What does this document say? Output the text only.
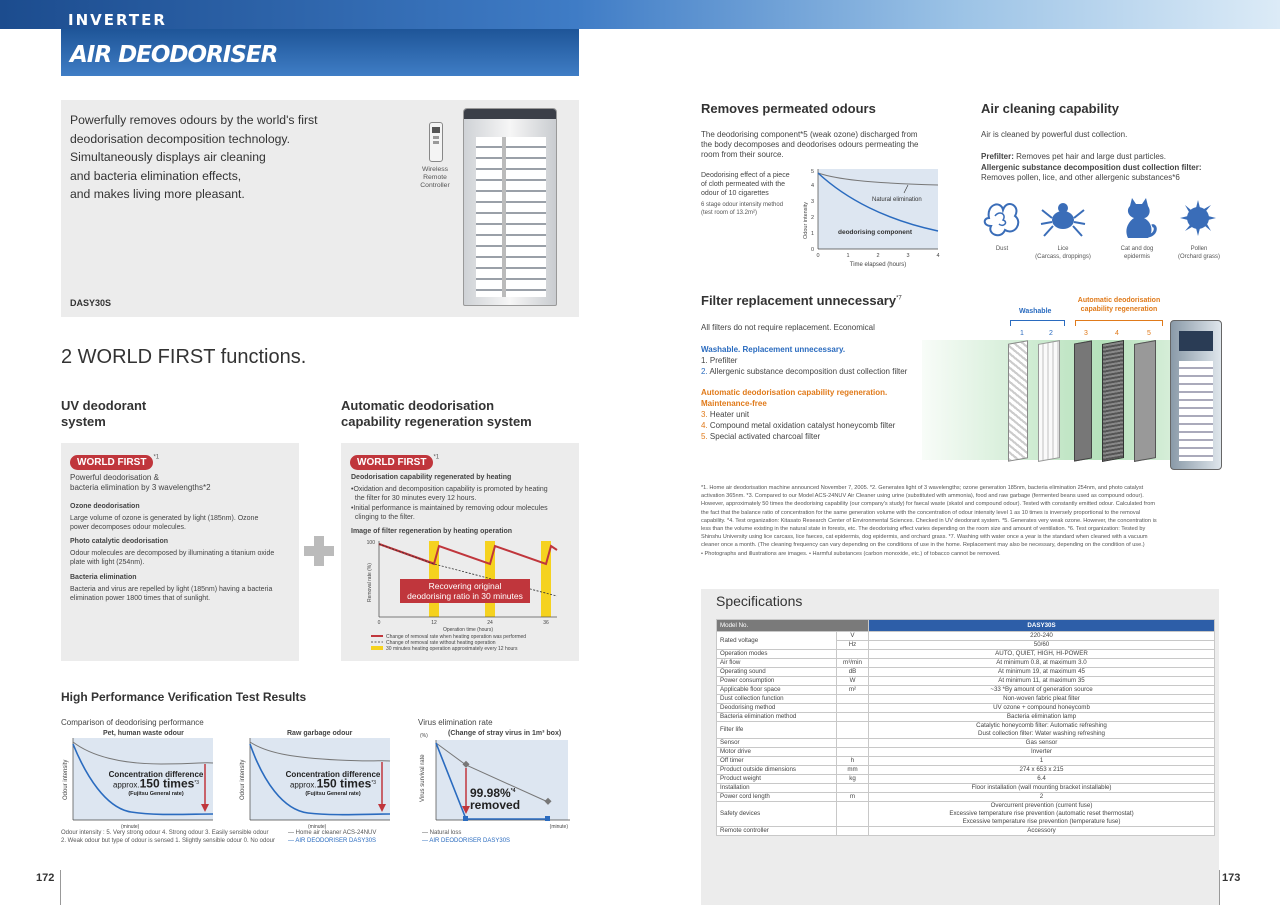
INVERTER
AIR DEODORISER
Powerfully removes odours by the world's first
deodorisation decomposition technology.
Simultaneously displays air cleaning
and bacteria elimination effects,
and makes living more pleasant.
Wireless
Remote
Controller
DASY30S
2 WORLD FIRST functions.
UV deodorant
system
WORLD FIRST $^{*1}$
Powerful deodorisation &
bacteria elimination by 3 wavelengths*2
Ozone deodorisation
Large volume of ozone is generated by light (185nm). Ozone
power decomposes odour molecules.
Photo catalytic deodorisation
Odour molecules are decomposed by illuminating a titanium oxide
plate with light (254nm).
Bacteria elimination
Bacteria and virus are repelled by light (185nm) having a bacteria
elimination power 1800 times that of sunlight.
Automatic deodorisation
capability regeneration system
WORLD FIRST $^{*1}$
Deodorisation capability regenerated by heating
•Oxidation and decomposition capability is promoted by heating
the filter for 30 minutes every 12 hours.
•Initial performance is maintained by removing odour molecules
clinging to the filter.
Image of filter regeneration by heating operation
Recovering original
deodorising ratio in 30 minutes
100
0	12	24	36
Operation time (hours)
Removal rate (%)
Change of removal rate when heating operation was performed
Change of removal rate without heating operation
30 minutes heating operation approximately every 12 hours
High Performance Verification Test Results
Comparison of deodorising performance
Pet, human waste odour	Raw garbage odour
Virus elimination rate
(Change of stray virus in 1m³ box)
Odour intensity
(minute)
Concentration difference
approx.150 times$^{*3}$
(Fujitsu General rate)	Odour intensity
(minute)
Concentration difference
approx.150 times$^{*3}$
(Fujitsu General rate)	Virus survival rate
(minute)
(%)
99.98%$^{*4}$
removed
Odour intensity : 5. Very strong odour 4. Strong odour 3. Easily sensible odour
2. Weak odour but type of odour is sensed 1. Slightly sensible odour 0. No odour
— Home air cleaner ACS-24NUV
— AIR DEODORISER DASY30S
— Natural loss
— AIR DEODORISER DASY30S
172
Removes permeated odours
The deodorising component*5 (weak ozone) discharged from
the body decomposes and deodorises odours permeating the
room from their source.
Deodorising effect of a piece
of cloth permeated with the
odour of 10 cigarettes
6 stage odour intensity method
(test room of 13.2m²)
Natural elimination
deodorising component
0	1	2	3	4
0
1
2
3
4
5
Time elapsed (hours)
Odour intensity
Air cleaning capability
Air is cleaned by powerful dust collection.
Prefilter: Removes pet hair and large dust particles.
Allergenic substance decomposition dust collection filter:
Removes pollen, lice, and other allergenic substances*6
Dust	Lice
(Carcass, droppings)
Cat and dog
epidermis
Pollen
(Orchard grass)
Filter replacement unnecessary$^{*7}$
All filters do not require replacement. Economical
Washable. Replacement unnecessary.
1. Prefilter
2. Allergenic substance decomposition dust collection filter
Automatic deodorisation capability regeneration.
Maintenance-free
3. Heater unit
4. Compound metal oxidation catalyst honeycomb filter
5. Special activated charcoal filter
Washable
Automatic deodorisation
capability regeneration
1	2	3	4	5
*1. Home air deodorisation machine announced November 7, 2005. *2. Generates light of 3 wavelengths; ozone generation 185nm, bacteria elimination 254nm, and photo catalyst
activation 365nm. *3. Compared to our Model ACS-24NUV Air Cleaner using urine (substituted with ammonia), food and raw garbage (fermented beans used as compound odour).
However, approximately 50 times the deodorising capability (our company's study) for faecal waste (skatol and compound odour). Tested with constantly emitted odour. Calculated from
the fact that the balance ratio of concentration for the same generation volume with the concentration of odour intensity level 1 as 10 times is inversely proportional to the removal
capability. *4. Test organization: Kitasato Research Center of Environmental Sciences. Checked in UV deodorant system. *5. Generates very weak ozone. However, the concentration is
less than the volume existing in the natural state in forests, etc. The deodorising effect varies depending on the room size and amount of ventilation. *6. Test organization: Tested by
Shinshu University using lice carcass, lice faeces, cat epidermis, dog epidermis, and orchard grass. *7. Washing with water once a year is the standard when cleaned with a vacuum
cleaner once a month. (The cleaning frequency can vary depending on the conditions of use in the home. Replacement may also be necessary, depending on the condition of use.)
• Photographs and illustrations are images. • Harmful substances (carbon monoxide, etc.) of tobacco cannot be removed.
Specifications
Model No.		DASY30S
Rated voltage	V	220-240

	Hz	50/60

Operation modes		AUTO, QUIET, HIGH, HI-POWER

Air flow	m³/min	At minimum 0.8, at maximum 3.0

Operating sound	dB	At minimum 19, at maximum 45

Power consumption	W	At minimum 11, at maximum 35

Applicable floor space	m²	~33 *By amount of generation source

Dust collection function		Non-woven fabric pleat filter

Deodorising method		UV ozone + compound honeycomb

Bacteria elimination method		Bacteria elimination lamp

Filter life		Catalytic honeycomb filter: Automatic refreshing
Dust collection filter: Water washing refreshing

Sensor		Gas sensor

Motor drive		Inverter

Off timer	h	1

Product outside dimensions	mm	274 x 653 x 215

Product weight	kg	6.4

Installation		Floor installation (wall mounting bracket installable)

Power cord length	m	2

Safety devices		Overcurrent prevention (current fuse)
Excessive temperature rise prevention (automatic reset thermostat)
Excessive temperature rise prevention (temperature fuse)

Remote controller		Accessory
173
